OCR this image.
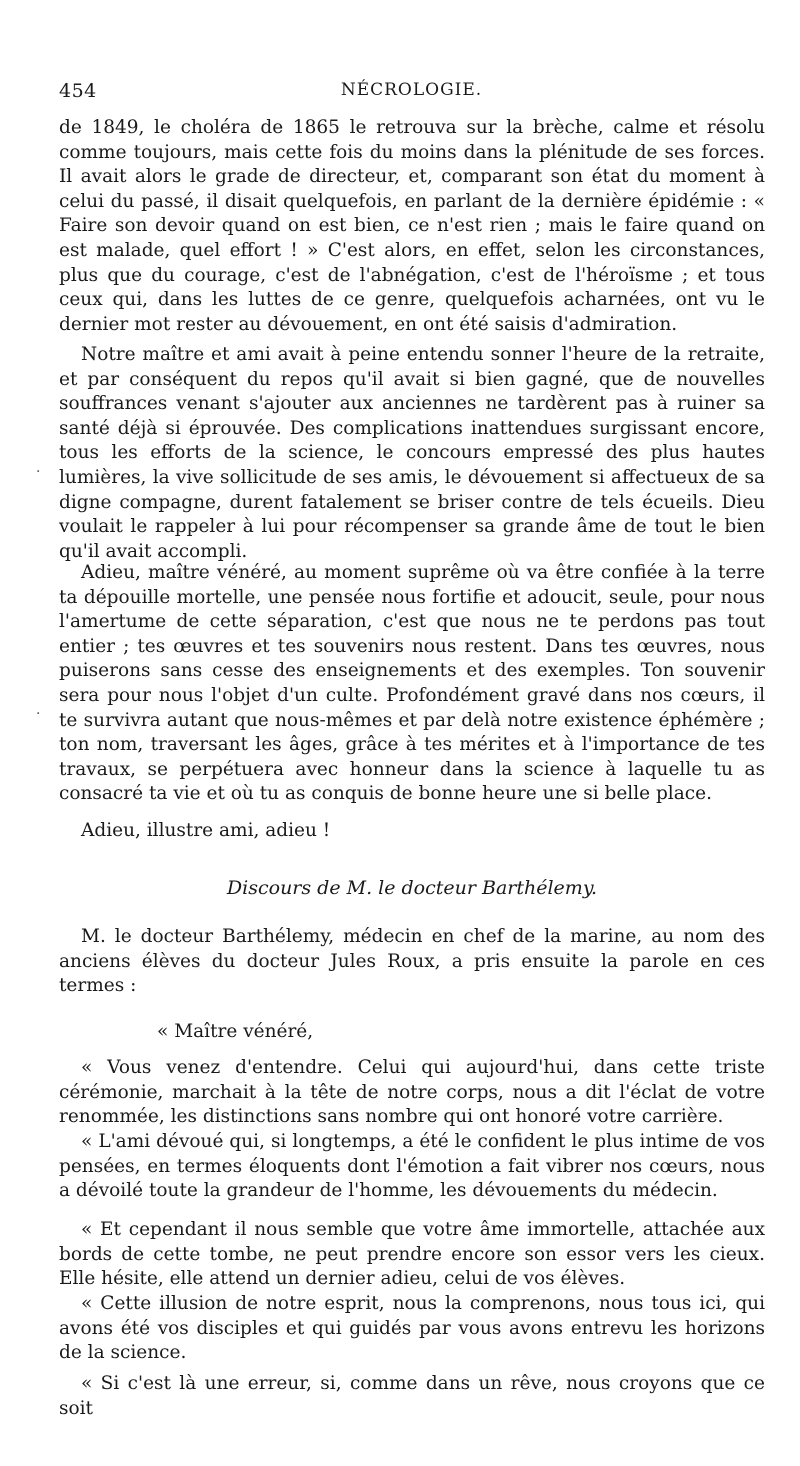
454	NÉCROLOGIE.

de 1849, le choléra de 1865 le retrouva sur la brèche, calme et résolu comme toujours, mais cette fois du moins dans la plénitude de ses forces. Il avait alors le grade de directeur, et, comparant son état du moment à celui du passé, il disait quelquefois, en parlant de la dernière épidémie : « Faire son devoir quand on est bien, ce n'est rien ; mais le faire quand on est malade, quel effort ! » C'est alors, en effet, selon les circonstances, plus que du courage, c'est de l'abnégation, c'est de l'héroïsme ; et tous ceux qui, dans les luttes de ce genre, quelquefois acharnées, ont vu le dernier mot rester au dévouement, en ont été saisis d'admiration.

Notre maître et ami avait à peine entendu sonner l'heure de la retraite, et par conséquent du repos qu'il avait si bien gagné, que de nouvelles souffrances venant s'ajouter aux anciennes ne tardèrent pas à ruiner sa santé déjà si éprouvée. Des complications inattendues surgissant encore, tous les efforts de la science, le concours empressé des plus hautes lumières, la vive sollicitude de ses amis, le dévouement si affectueux de sa digne compagne, durent fatalement se briser contre de tels écueils. Dieu voulait le rappeler à lui pour récompenser sa grande âme de tout le bien qu'il avait accompli.

Adieu, maître vénéré, au moment suprême où va être confiée à la terre ta dépouille mortelle, une pensée nous fortifie et adoucit, seule, pour nous l'amertume de cette séparation, c'est que nous ne te perdons pas tout entier ; tes œuvres et tes souvenirs nous restent. Dans tes œuvres, nous puiserons sans cesse des enseignements et des exemples. Ton souvenir sera pour nous l'objet d'un culte. Profondément gravé dans nos cœurs, il te survivra autant que nous-mêmes et par delà notre existence éphémère ; ton nom, traversant les âges, grâce à tes mérites et à l'importance de tes travaux, se perpétuera avec honneur dans la science à laquelle tu as consacré ta vie et où tu as conquis de bonne heure une si belle place.

Adieu, illustre ami, adieu !

Discours de M. le docteur Barthélemy.

M. le docteur Barthélemy, médecin en chef de la marine, au nom des anciens élèves du docteur Jules Roux, a pris ensuite la parole en ces termes :

« Maître vénéré,

« Vous venez d'entendre. Celui qui aujourd'hui, dans cette triste cérémonie, marchait à la tête de notre corps, nous a dit l'éclat de votre renommée, les distinctions sans nombre qui ont honoré votre carrière.

« L'ami dévoué qui, si longtemps, a été le confident le plus intime de vos pensées, en termes éloquents dont l'émotion a fait vibrer nos cœurs, nous a dévoilé toute la grandeur de l'homme, les dévouements du médecin.

« Et cependant il nous semble que votre âme immortelle, attachée aux bords de cette tombe, ne peut prendre encore son essor vers les cieux. Elle hésite, elle attend un dernier adieu, celui de vos élèves.

« Cette illusion de notre esprit, nous la comprenons, nous tous ici, qui avons été vos disciples et qui guidés par vous avons entrevu les horizons de la science.

« Si c'est là une erreur, si, comme dans un rêve, nous croyons que ce soit

·
·
